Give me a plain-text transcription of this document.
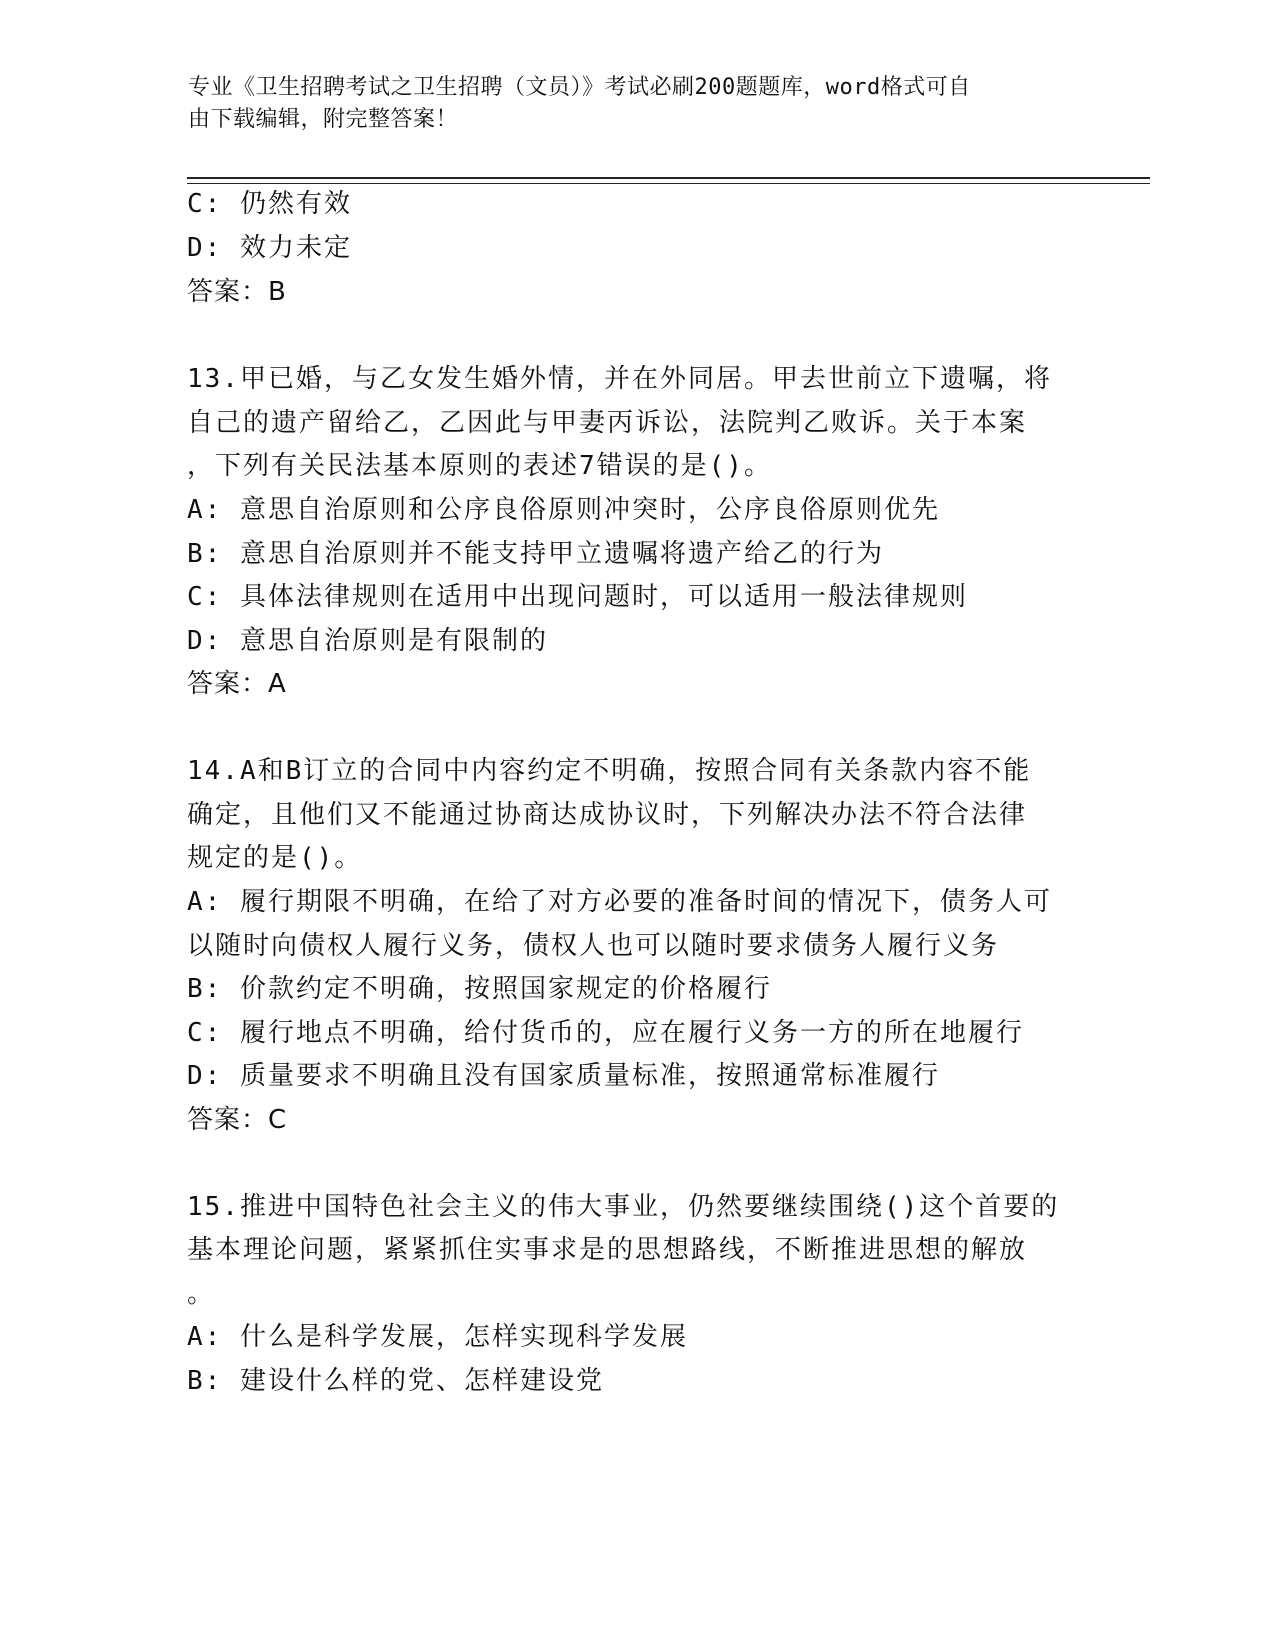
专业《卫生招聘考试之卫生招聘（文员）》考试必刷200题题库，word格式可自
由下载编辑，附完整答案！
C: 仍然有效
D: 效力未定
答案：B
13.甲已婚，与乙女发生婚外情，并在外同居。甲去世前立下遗嘱，将
自己的遗产留给乙，乙因此与甲妻丙诉讼，法院判乙败诉。关于本案
，下列有关民法基本原则的表述7错误的是()。
A: 意思自治原则和公序良俗原则冲突时，公序良俗原则优先
B: 意思自治原则并不能支持甲立遗嘱将遗产给乙的行为
C: 具体法律规则在适用中出现问题时，可以适用一般法律规则
D: 意思自治原则是有限制的
答案：A
14.A和B订立的合同中内容约定不明确，按照合同有关条款内容不能
确定，且他们又不能通过协商达成协议时，下列解决办法不符合法律
规定的是()。
A: 履行期限不明确，在给了对方必要的准备时间的情况下，债务人可
以随时向债权人履行义务，债权人也可以随时要求债务人履行义务
B: 价款约定不明确，按照国家规定的价格履行
C: 履行地点不明确，给付货币的，应在履行义务一方的所在地履行
D: 质量要求不明确且没有国家质量标准，按照通常标准履行
答案：C
15.推进中国特色社会主义的伟大事业，仍然要继续围绕()这个首要的
基本理论问题，紧紧抓住实事求是的思想路线，不断推进思想的解放
。
A: 什么是科学发展，怎样实现科学发展
B: 建设什么样的党、怎样建设党
